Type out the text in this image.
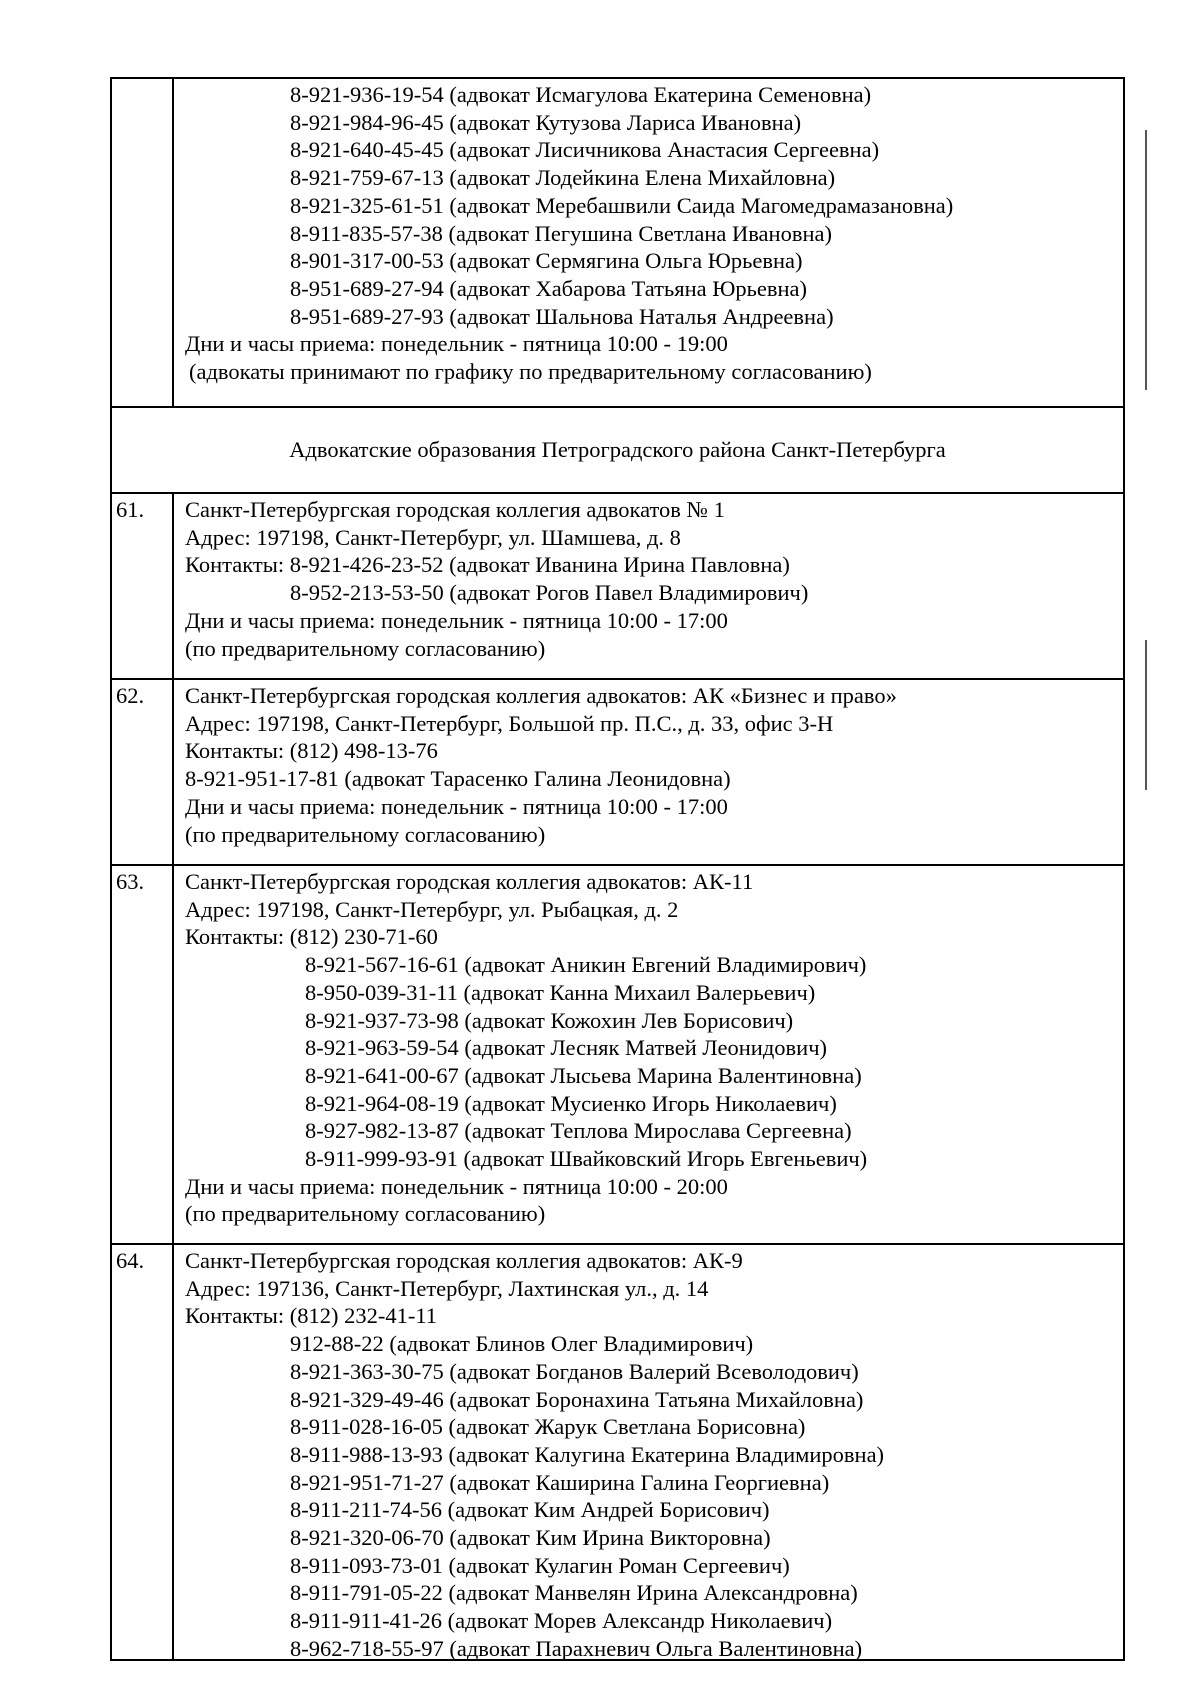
8-921-936-19-54 (адвокат Исмагулова Екатерина Семеновна)
8-921-984-96-45 (адвокат Кутузова Лариса Ивановна)
8-921-640-45-45 (адвокат Лисичникова Анастасия Сергеевна)
8-921-759-67-13 (адвокат Лодейкина Елена Михайловна)
8-921-325-61-51 (адвокат Меребашвили Саида Магомедрамазановна)
8-911-835-57-38 (адвокат Пегушина Светлана Ивановна)
8-901-317-00-53 (адвокат Сермягина Ольга Юрьевна)
8-951-689-27-94 (адвокат Хабарова Татьяна Юрьевна)
8-951-689-27-93 (адвокат Шальнова Наталья Андреевна)
Дни и часы приема: понедельник - пятница 10:00 - 19:00
(адвокаты принимают по графику по предварительному согласованию)
Адвокатские образования Петроградского района Санкт-Петербурга
61.	Санкт-Петербургская городская коллегия адвокатов № 1
Адрес: 197198, Санкт-Петербург, ул. Шамшева, д. 8
Контакты: 8-921-426-23-52 (адвокат Иванина Ирина Павловна)
8-952-213-53-50 (адвокат Рогов Павел Владимирович)
Дни и часы приема: понедельник - пятница 10:00 - 17:00
(по предварительному согласованию)
62.	Санкт-Петербургская городская коллегия адвокатов: АК «Бизнес и право»
Адрес: 197198, Санкт-Петербург, Большой пр. П.С., д. 33, офис 3-Н
Контакты: (812) 498-13-76
8-921-951-17-81 (адвокат Тарасенко Галина Леонидовна)
Дни и часы приема: понедельник - пятница 10:00 - 17:00
(по предварительному согласованию)
63.	Санкт-Петербургская городская коллегия адвокатов: АК-11
Адрес: 197198, Санкт-Петербург, ул. Рыбацкая, д. 2
Контакты: (812) 230-71-60
8-921-567-16-61 (адвокат Аникин Евгений Владимирович)
8-950-039-31-11 (адвокат Канна Михаил Валерьевич)
8-921-937-73-98 (адвокат Кожохин Лев Борисович)
8-921-963-59-54 (адвокат Лесняк Матвей Леонидович)
8-921-641-00-67 (адвокат Лысьева Марина Валентиновна)
8-921-964-08-19 (адвокат Мусиенко Игорь Николаевич)
8-927-982-13-87 (адвокат Теплова Мирослава Сергеевна)
8-911-999-93-91 (адвокат Швайковский Игорь Евгеньевич)
Дни и часы приема: понедельник - пятница 10:00 - 20:00
(по предварительному согласованию)
64.	Санкт-Петербургская городская коллегия адвокатов: АК-9
Адрес: 197136, Санкт-Петербург, Лахтинская ул., д. 14
Контакты: (812) 232-41-11
912-88-22 (адвокат Блинов Олег Владимирович)
8-921-363-30-75 (адвокат Богданов Валерий Всеволодович)
8-921-329-49-46 (адвокат Боронахина Татьяна Михайловна)
8-911-028-16-05 (адвокат Жарук Светлана Борисовна)
8-911-988-13-93 (адвокат Калугина Екатерина Владимировна)
8-921-951-71-27 (адвокат Каширина Галина Георгиевна)
8-911-211-74-56 (адвокат Ким Андрей Борисович)
8-921-320-06-70 (адвокат Ким Ирина Викторовна)
8-911-093-73-01 (адвокат Кулагин Роман Сергеевич)
8-911-791-05-22 (адвокат Манвелян Ирина Александровна)
8-911-911-41-26 (адвокат Морев Александр Николаевич)
8-962-718-55-97 (адвокат Парахневич Ольга Валентиновна)
